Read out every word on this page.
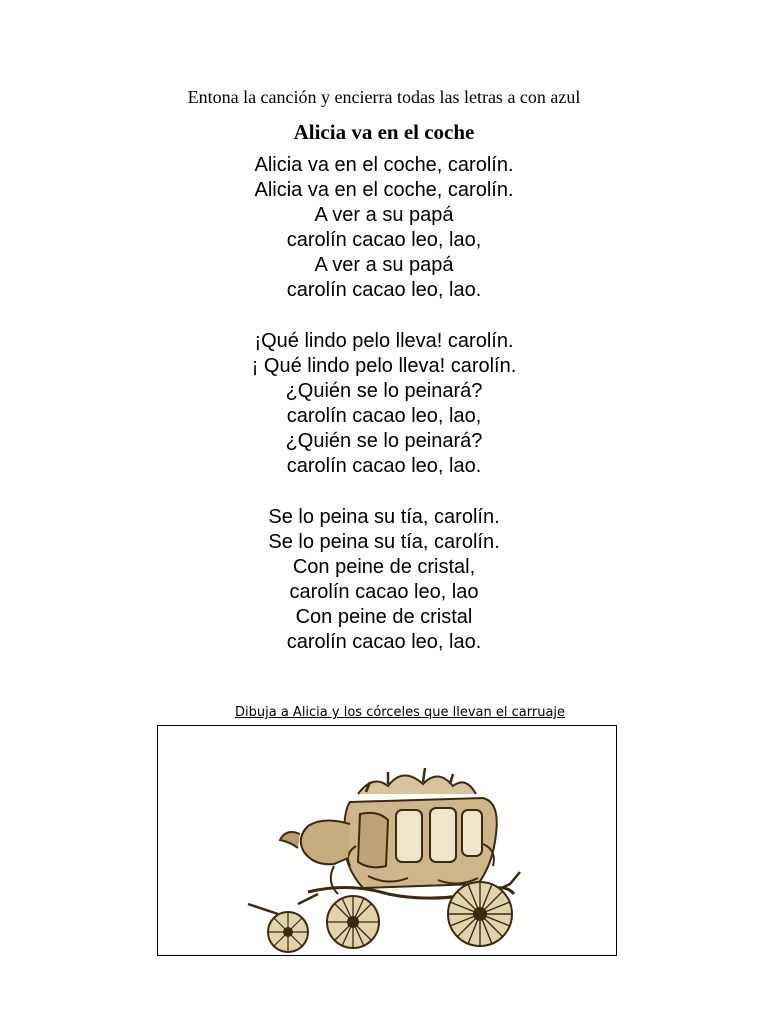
Entona la canción y encierra todas las letras a con azul
Alicia va en el coche
Alicia va en el coche, carolín.
Alicia va en el coche, carolín.
A ver a su papá
carolín cacao leo, lao,
A ver a su papá
carolín cacao leo, lao.
¡Qué lindo pelo lleva! carolín.
¡ Qué lindo pelo lleva! carolín.
¿Quién se lo peinará?
carolín cacao leo, lao,
¿Quién se lo peinará?
carolín cacao leo, lao.
Se lo peina su tía, carolín.
Se lo peina su tía, carolín.
Con peine de cristal,
carolín cacao leo, lao
Con peine de cristal
carolín cacao leo, lao.
Dibuja a Alicia y los córceles que llevan el carruaje
